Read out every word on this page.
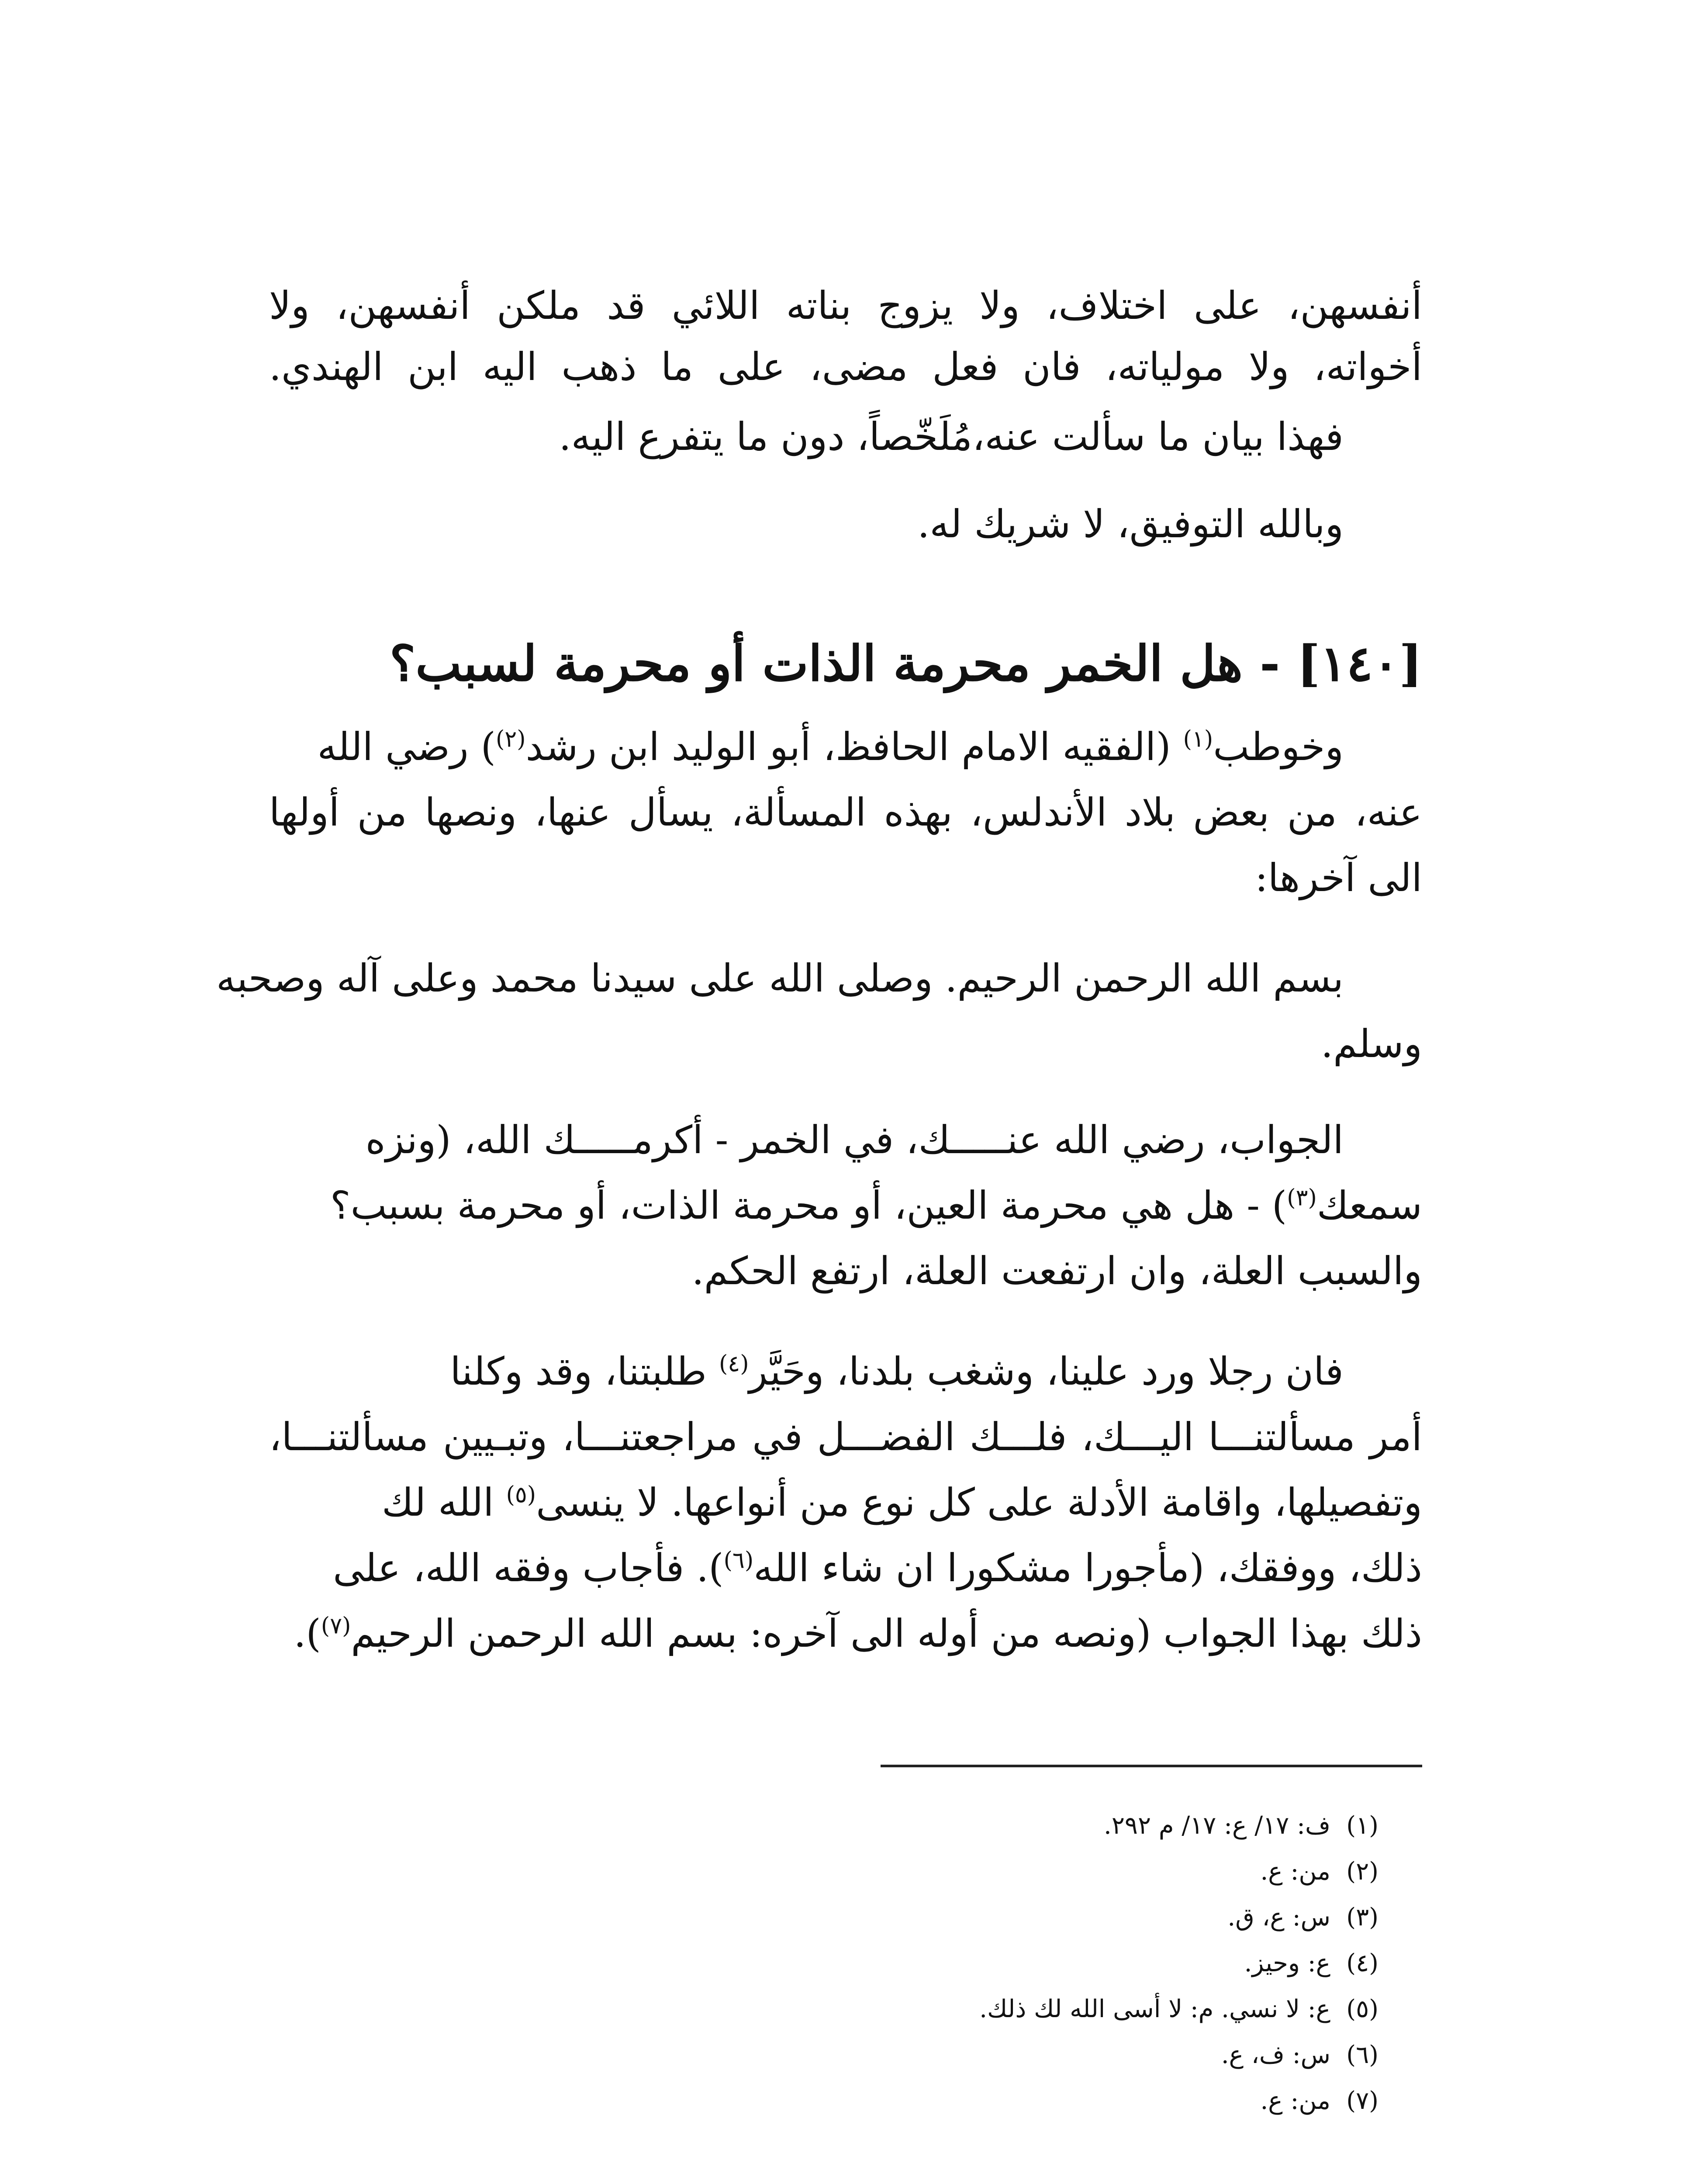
أنفسهن، على اختلاف، ولا يزوج بناته اللائي قد ملكن أنفسهن، ولا
أخواته، ولا مولياته، فان فعل مضى، على ما ذهب اليه ابن الهندي.
فهذا بيان ما سألت عنه،مُلَخّصاً، دون ما يتفرع اليه.
وبالله التوفيق، لا شريك له.
[١٤٠] - هل الخمر محرمة الذات أو محرمة لسبب؟
وخوطب$^{(١)}$ (الفقيه الامام الحافظ، أبو الوليد ابن رشد$^{(٢)}$) رضي الله
عنه، من بعض بلاد الأندلس، بهذه المسألة، يسأل عنها، ونصها من أولها
الى آخرها:
بسم الله الرحمن الرحيم. وصلى الله على سيدنا محمد وعلى آله وصحبه
وسلم.
الجواب، رضي الله عنـــــك، في الخمر - أكرمـــــك الله، (ونزه
سمعك$^{(٣)}$) - هل هي محرمة العين، أو محرمة الذات، أو محرمة بسبب؟
والسبب العلة، وان ارتفعت العلة، ارتفع الحكم.
فان رجلا ورد علينا، وشغب بلدنا، وحَيَّر$^{(٤)}$ طلبتنا، وقد وكلنا
أمر مسألتنـــا اليـــك، فلـــك الفضـــل في مراجعتنـــا، وتبـيين مسألتنـــا،
وتفصيلها، واقامة الأدلة على كل نوع من أنواعها. لا ينسى$^{(٥)}$ الله لك
ذلك، ووفقك، (مأجورا مشكورا ان شاء الله$^{(٦)}$). فأجاب وفقه الله، على
ذلك بهذا الجواب (ونصه من أوله الى آخره: بسم الله الرحمن الرحيم$^{(٧)}$).
(١)ف: ١٧/ ع: ١٧/ م ٢٩٢.
(٢)من: ع.
(٣)س: ع، ق.
(٤)ع: وحيز.
(٥)ع: لا نسي. م: لا أسى الله لك ذلك.
(٦)س: ف، ع.
(٧)من: ع.
